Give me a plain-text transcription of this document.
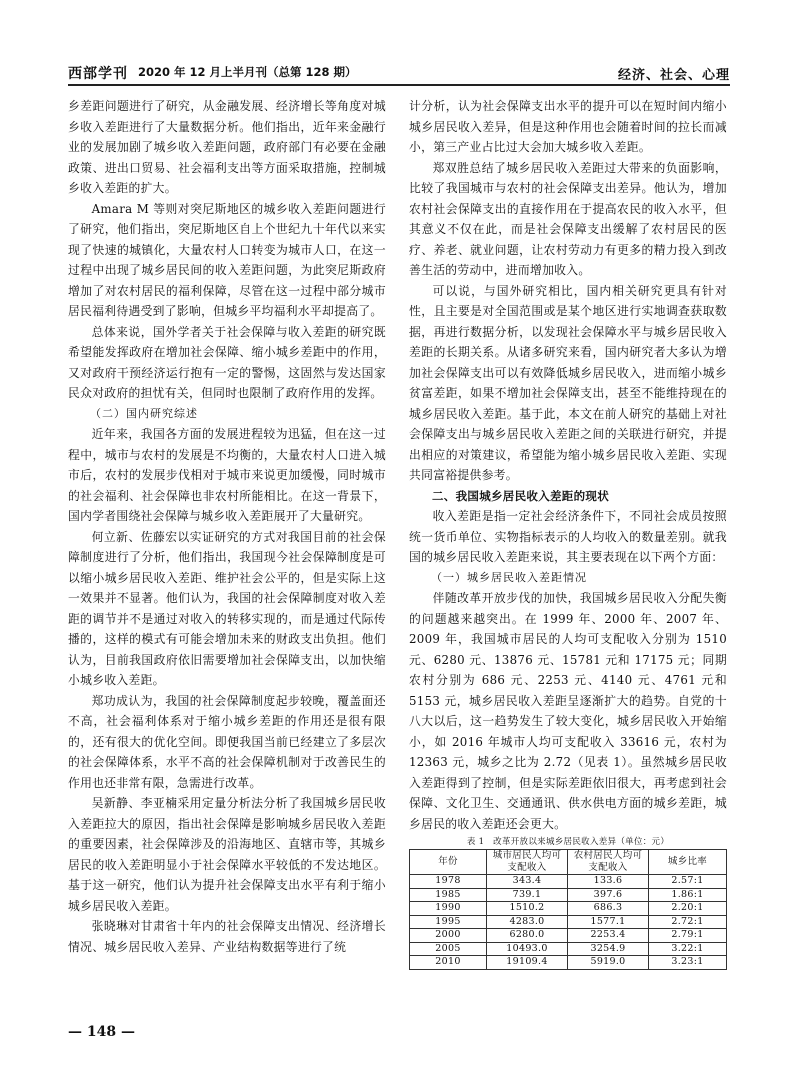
西部学刊 2020 年 12 月上半月刊（总第 128 期）	经济、社会、心理

乡差距问题进行了研究，从金融发展、经济增长等角度对城乡收入差距进行了大量数据分析。他们指出，近年来金融行业的发展加剧了城乡收入差距问题，政府部门有必要在金融政策、进出口贸易、社会福利支出等方面采取措施，控制城乡收入差距的扩大。

Amara M 等则对突尼斯地区的城乡收入差距问题进行了研究，他们指出，突尼斯地区自上个世纪九十年代以来实现了快速的城镇化，大量农村人口转变为城市人口，在这一过程中出现了城乡居民间的收入差距问题，为此突尼斯政府增加了对农村居民的福利保障，尽管在这一过程中部分城市居民福利待遇受到了影响，但城乡平均福利水平却提高了。

总体来说，国外学者关于社会保障与收入差距的研究既希望能发挥政府在增加社会保障、缩小城乡差距中的作用，又对政府干预经济运行抱有一定的警惕，这固然与发达国家民众对政府的担忧有关，但同时也限制了政府作用的发挥。

（二）国内研究综述

近年来，我国各方面的发展进程较为迅猛，但在这一过程中，城市与农村的发展是不均衡的，大量农村人口进入城市后，农村的发展步伐相对于城市来说更加缓慢，同时城市的社会福利、社会保障也非农村所能相比。在这一背景下，国内学者围绕社会保障与城乡收入差距展开了大量研究。

何立新、佐藤宏以实证研究的方式对我国目前的社会保障制度进行了分析，他们指出，我国现今社会保障制度是可以缩小城乡居民收入差距、维护社会公平的，但是实际上这一效果并不显著。他们认为，我国的社会保障制度对收入差距的调节并不是通过对收入的转移实现的，而是通过代际传播的，这样的模式有可能会增加未来的财政支出负担。他们认为，目前我国政府依旧需要增加社会保障支出，以加快缩小城乡收入差距。

郑功成认为，我国的社会保障制度起步较晚，覆盖面还不高，社会福利体系对于缩小城乡差距的作用还是很有限的，还有很大的优化空间。即便我国当前已经建立了多层次的社会保障体系，水平不高的社会保障机制对于改善民生的作用也还非常有限，急需进行改革。

吴新静、李亚楠采用定量分析法分析了我国城乡居民收入差距拉大的原因，指出社会保障是影响城乡居民收入差距的重要因素，社会保障涉及的沿海地区、直辖市等，其城乡居民的收入差距明显小于社会保障水平较低的不发达地区。基于这一研究，他们认为提升社会保障支出水平有利于缩小城乡居民收入差距。

张晓琳对甘肃省十年内的社会保障支出情况、经济增长情况、城乡居民收入差异、产业结构数据等进行了统

计分析，认为社会保障支出水平的提升可以在短时间内缩小城乡居民收入差异，但是这种作用也会随着时间的拉长而减小，第三产业占比过大会加大城乡收入差距。

郑双胜总结了城乡居民收入差距过大带来的负面影响，比较了我国城市与农村的社会保障支出差异。他认为，增加农村社会保障支出的直接作用在于提高农民的收入水平，但其意义不仅在此，而是社会保障支出缓解了农村居民的医疗、养老、就业问题，让农村劳动力有更多的精力投入到改善生活的劳动中，进而增加收入。

可以说，与国外研究相比，国内相关研究更具有针对性，且主要是对全国范围或是某个地区进行实地调查获取数据，再进行数据分析，以发现社会保障水平与城乡居民收入差距的长期关系。从诸多研究来看，国内研究者大多认为增加社会保障支出可以有效降低城乡居民收入，进而缩小城乡贫富差距，如果不增加社会保障支出，甚至不能维持现在的城乡居民收入差距。基于此，本文在前人研究的基础上对社会保障支出与城乡居民收入差距之间的关联进行研究，并提出相应的对策建议，希望能为缩小城乡居民收入差距、实现共同富裕提供参考。

二、我国城乡居民收入差距的现状

收入差距是指一定社会经济条件下，不同社会成员按照统一货币单位、实物指标表示的人均收入的数量差别。就我国的城乡居民收入差距来说，其主要表现在以下两个方面：

（一）城乡居民收入差距情况

伴随改革开放步伐的加快，我国城乡居民收入分配失衡的问题越来越突出。在 1999 年、2000 年、2007 年、2009 年，我国城市居民的人均可支配收入分别为 1510 元、6280 元、13876 元、15781 元和 17175 元；同期农村分别为 686 元、2253 元、4140 元、4761 元和 5153 元，城乡居民收入差距呈逐渐扩大的趋势。自党的十八大以后，这一趋势发生了较大变化，城乡居民收入开始缩小，如 2016 年城市人均可支配收入 33616 元，农村为 12363 元，城乡之比为 2.72（见表 1）。虽然城乡居民收入差距得到了控制，但是实际差距依旧很大，再考虑到社会保障、文化卫生、交通通讯、供水供电方面的城乡差距，城乡居民的收入差距还会更大。

表 1　改革开放以来城乡居民收入差异（单位：元）
年份	城市居民人均可支配收入	农村居民人均可支配收入	城乡比率
1978	343.4	133.6	2.57:1
1985	739.1	397.6	1.86:1
1990	1510.2	686.3	2.20:1
1995	4283.0	1577.1	2.72:1
2000	6280.0	2253.4	2.79:1
2005	10493.0	3254.9	3.22:1
2010	19109.4	5919.0	3.23:1
— 148 —
